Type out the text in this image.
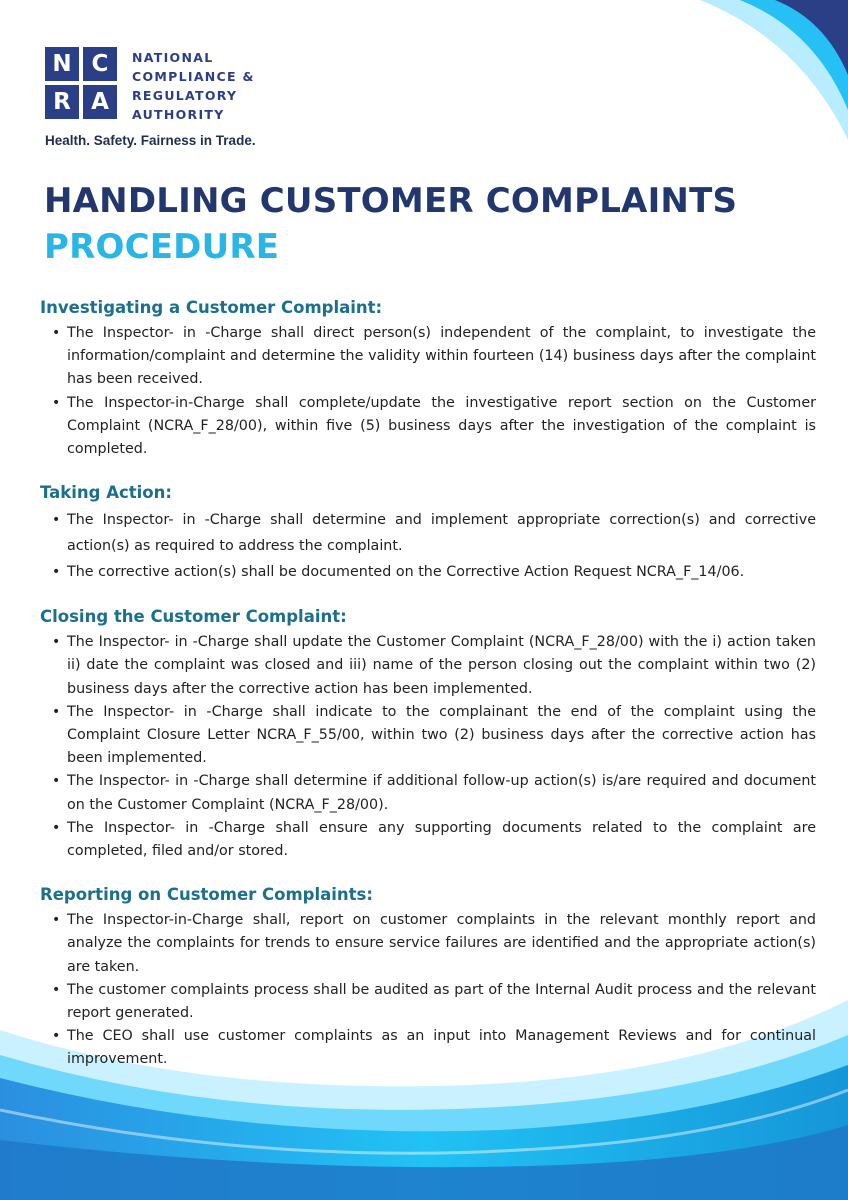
N C
R A
NATIONAL
COMPLIANCE &
REGULATORY
AUTHORITY
Health. Safety. Fairness in Trade.
HANDLING CUSTOMER COMPLAINTS
PROCEDURE
Investigating a Customer Complaint:
• The Inspector- in -Charge shall direct person(s) independent of the complaint, to investigate the information/complaint and determine the validity within fourteen (14) business days after the complaint has been received.
• The Inspector-in-Charge shall complete/update the investigative report section on the Customer Complaint (NCRA_F_28/00), within five (5) business days after the investigation of the complaint is completed.
Taking Action:
• The Inspector- in -Charge shall determine and implement appropriate correction(s) and corrective action(s) as required to address the complaint.
• The corrective action(s) shall be documented on the Corrective Action Request NCRA_F_14/06.
Closing the Customer Complaint:
• The Inspector- in -Charge shall update the Customer Complaint (NCRA_F_28/00) with the i) action taken ii) date the complaint was closed and iii) name of the person closing out the complaint within two (2) business days after the corrective action has been implemented.
• The Inspector- in -Charge shall indicate to the complainant the end of the complaint using the Complaint Closure Letter NCRA_F_55/00, within two (2) business days after the corrective action has been implemented.
• The Inspector- in -Charge shall determine if additional follow-up action(s) is/are required and document on the Customer Complaint (NCRA_F_28/00).
• The Inspector- in -Charge shall ensure any supporting documents related to the complaint are completed, filed and/or stored.
Reporting on Customer Complaints:
• The Inspector-in-Charge shall, report on customer complaints in the relevant monthly report and analyze the complaints for trends to ensure service failures are identified and the appropriate action(s) are taken.
• The customer complaints process shall be audited as part of the Internal Audit process and the relevant report generated.
• The CEO shall use customer complaints as an input into Management Reviews and for continual improvement.
